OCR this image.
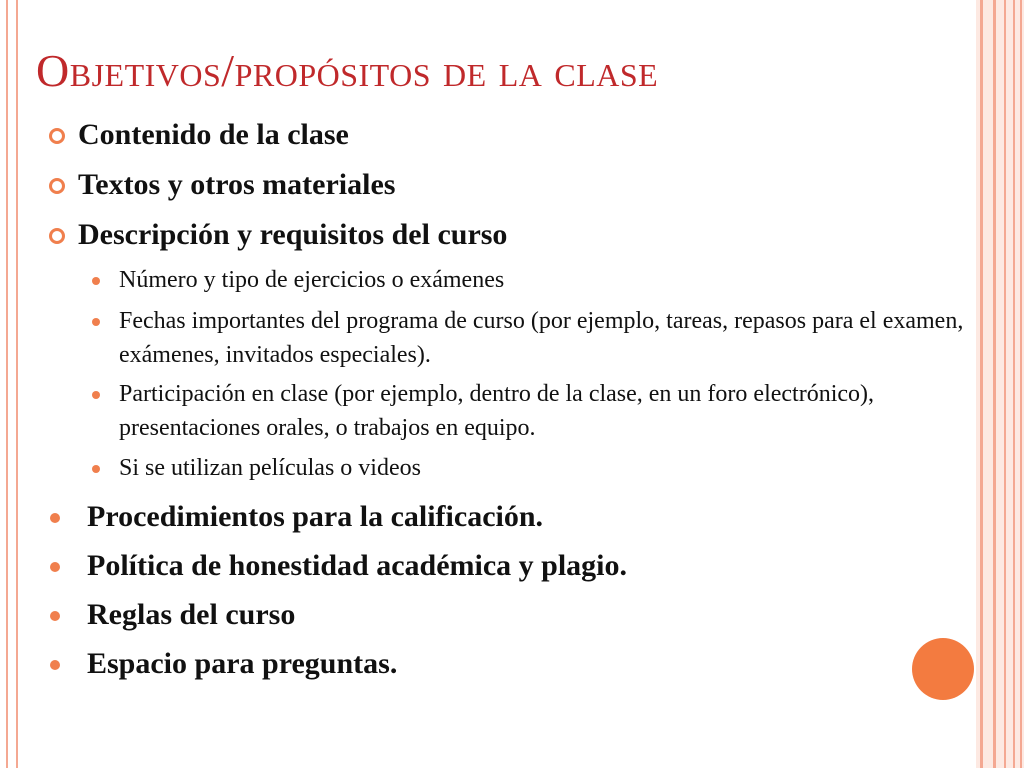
Objetivos/propósitos de la clase
Contenido de la clase
Textos y otros materiales
Descripción y requisitos del curso
Número y tipo de ejercicios o exámenes
Fechas importantes del programa de curso (por ejemplo, tareas, repasos para el examen, exámenes, invitados especiales).
Participación en clase (por ejemplo, dentro de la clase, en un foro electrónico), presentaciones orales, o trabajos en equipo.
Si se utilizan películas o videos
Procedimientos para la calificación.
Política de honestidad académica y plagio.
Reglas del curso
Espacio para preguntas.
